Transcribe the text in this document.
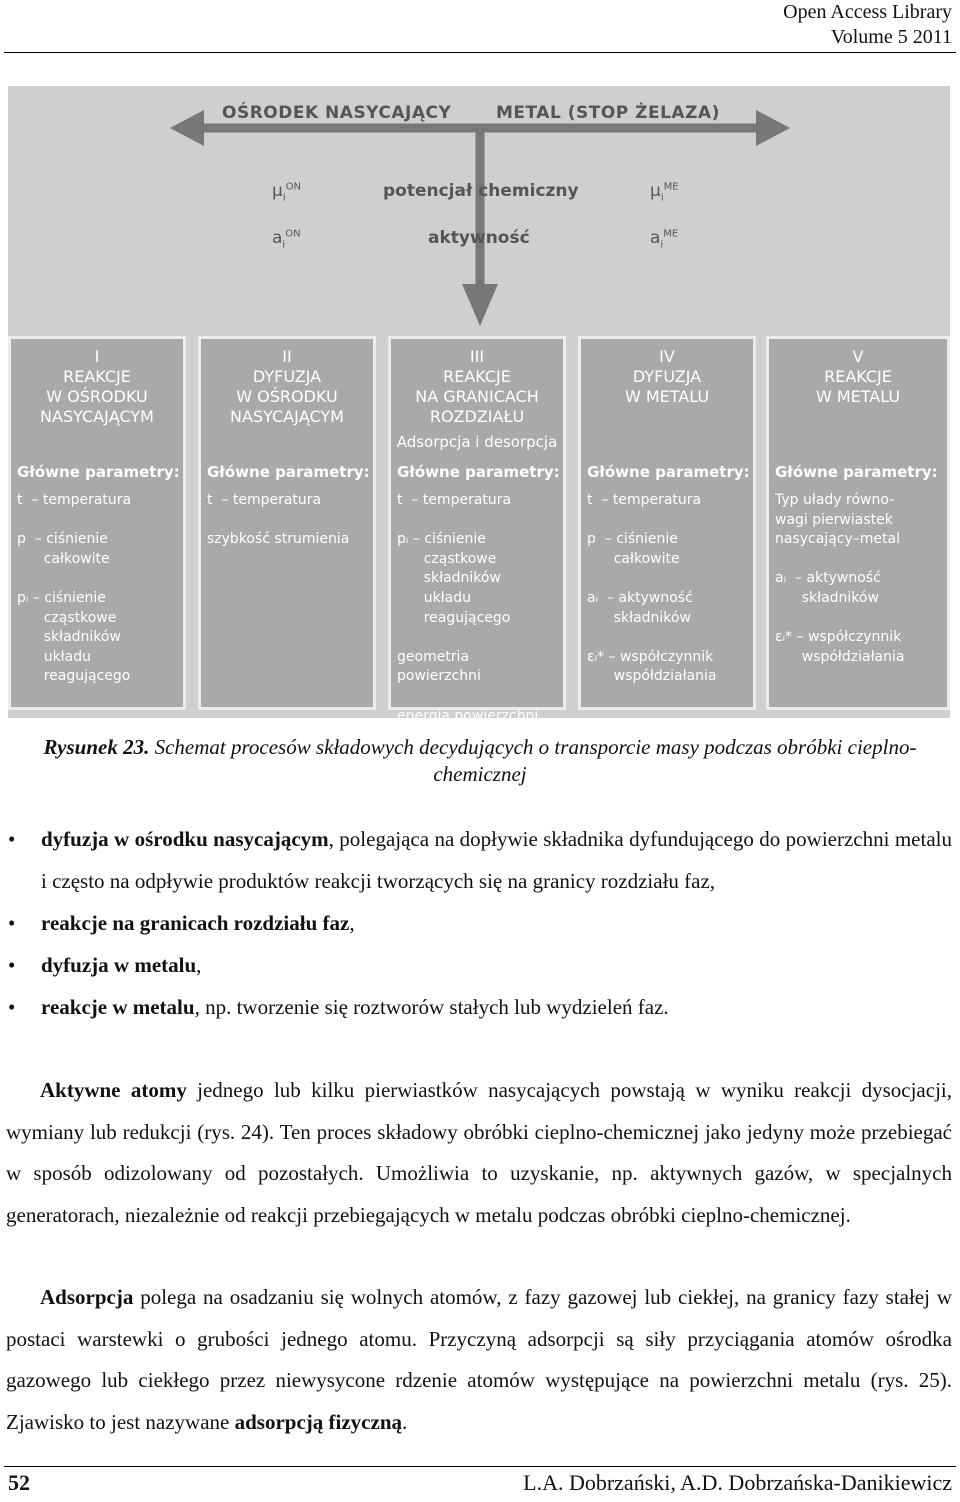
Open Access Library
Volume 5 2011
OŚRODEK NASYCAJĄCY	METAL (STOP ŻELAZA)
$\mu_i^{ON}$	potencjał chemiczny	$\mu_i^{ME}$
$a_i^{ON}$	aktywność	$a_i^{ME}$
I
REAKCJE
W OŚRODKU
NASYCAJĄCYM
Główne parametry:
t  – temperatura

p  – ciśnienie
całkowite

pᵢ – ciśnienie
cząstkowe
składników
układu
reagującego
II
DYFUZJA
W OŚRODKU
NASYCAJĄCYM
Główne parametry:
t  – temperatura

szybkość strumienia
III
REAKCJE
NA GRANICACH
ROZDZIAŁU
Adsorpcja i desorpcja
Główne parametry:
t  – temperatura

pᵢ – ciśnienie
cząstkowe
składników
układu
reagującego

geometria
powierzchni

energia powierzchni
IV
DYFUZJA
W METALU
Główne parametry:
t  – temperatura

p  – ciśnienie
całkowite

aᵢ  – aktywność
składników

εᵢ* – współczynnik
współdziałania
V
REAKCJE
W METALU
Główne parametry:
Typ ułady równo-
wagi pierwiastek
nasycający–metal

aᵢ  – aktywność
składników

εᵢ* – współczynnik
współdziałania
Rysunek 23. Schemat procesów składowych decydujących o transporcie masy podczas obróbki cieplno-chemicznej
• dyfuzja w ośrodku nasycającym, polegająca na dopływie składnika dyfundującego do powierzchni metalu i często na odpływie produktów reakcji tworzących się na granicy rozdziału faz,
• reakcje na granicach rozdziału faz,
• dyfuzja w metalu,
• reakcje w metalu, np. tworzenie się roztworów stałych lub wydzieleń faz.

Aktywne atomy jednego lub kilku pierwiastków nasycających powstają w wyniku reakcji dysocjacji, wymiany lub redukcji (rys. 24). Ten proces składowy obróbki cieplno-chemicznej jako jedyny może przebiegać w sposób odizolowany od pozostałych. Umożliwia to uzyskanie, np. aktywnych gazów, w specjalnych generatorach, niezależnie od reakcji przebiegających w metalu podczas obróbki cieplno-chemicznej.

Adsorpcja polega na osadzaniu się wolnych atomów, z fazy gazowej lub ciekłej, na granicy fazy stałej w postaci warstewki o grubości jednego atomu. Przyczyną adsorpcji są siły przyciągania atomów ośrodka gazowego lub ciekłego przez niewysycone rdzenie atomów występujące na powierzchni metalu (rys. 25). Zjawisko to jest nazywane adsorpcją fizyczną.

52	L.A. Dobrzański, A.D. Dobrzańska-Danikiewicz
